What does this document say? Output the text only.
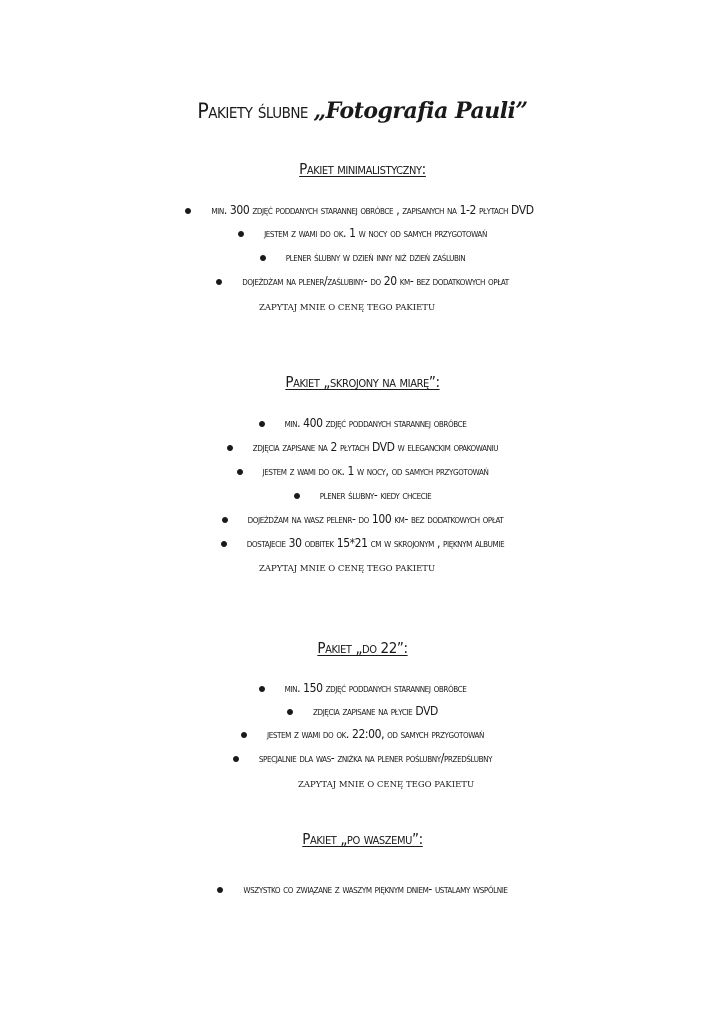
Pakiety ślubne „Fotografia Pauli”
Pakiet minimalistyczny:
min. 300 zdjęć poddanych starannej obróbce , zapisanych na 1-2 płytach DVD
jestem z wami do ok. 1 w nocy od samych przygotowań
plener ślubny w dzień inny niż dzień zaślubin
dojeżdżam na plener/zaślubiny- do 20 km- bez dodatkowych opłat
ZAPYTAJ MNIE O CENĘ TEGO PAKIETU
Pakiet „skrojony na miarę”:
min. 400 zdjęć poddanych starannej obróbce
zdjęcia zapisane na 2 płytach DVD w eleganckim opakowaniu
jestem z wami do ok. 1 w nocy, od samych przygotowań
plener ślubny- kiedy chcecie
dojeżdżam na wasz pelenr- do 100 km- bez dodatkowych opłat
dostajecie 30 odbitek 15*21 cm w skrojonym , pięknym albumie
ZAPYTAJ MNIE O CENĘ TEGO PAKIETU
Pakiet „do 22”:
min. 150 zdjęć poddanych starannej obróbce
zdjęcia zapisane na płycie DVD
jestem z wami do ok. 22:00, od samych przygotowań
specjalnie dla was- zniżka na plener poślubny/przedślubny
ZAPYTAJ MNIE O CENĘ TEGO PAKIETU
Pakiet „po waszemu”:
wszystko co związane z waszym pięknym dniem- ustalamy wspólnie
